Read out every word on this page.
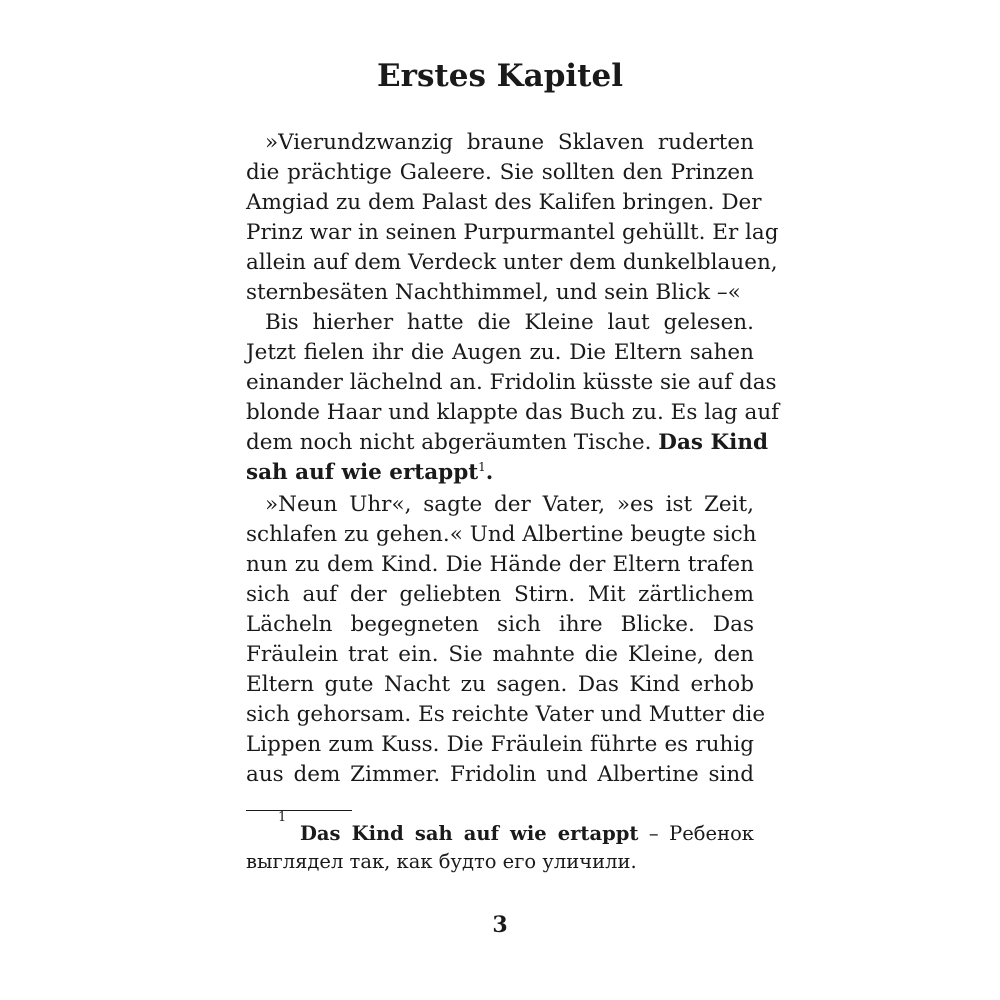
Erstes Kapitel

»Vierundzwanzig braune Sklaven ruderten

die prächtige Galeere. Sie sollten den Prinzen

Amgiad zu dem Palast des Kalifen bringen. Der

Prinz war in seinen Purpurmantel gehüllt. Er lag

allein auf dem Verdeck unter dem dunkelblauen,

sternbesäten Nachthimmel, und sein Blick –«

Bis hierher hatte die Kleine laut gelesen.

Jetzt fielen ihr die Augen zu. Die Eltern sahen

einander lächelnd an. Fridolin küsste sie auf das

blonde Haar und klappte das Buch zu. Es lag auf

dem noch nicht abgeräumten Tische. Das Kind

sah auf wie ertappt$^1$.

»Neun Uhr«, sagte der Vater, »es ist Zeit,

schlafen zu gehen.« Und Albertine beugte sich

nun zu dem Kind. Die Hände der Eltern trafen

sich auf der geliebten Stirn. Mit zärtlichem

Lächeln begegneten sich ihre Blicke. Das

Fräulein trat ein. Sie mahnte die Kleine, den

Eltern gute Nacht zu sagen. Das Kind erhob

sich gehorsam. Es reichte Vater und Mutter die

Lippen zum Kuss. Die Fräulein führte es ruhig

aus dem Zimmer. Fridolin und Albertine sind

1

Das Kind sah auf wie ertappt – Ребенок

выглядел так, как будто его уличили.

3
